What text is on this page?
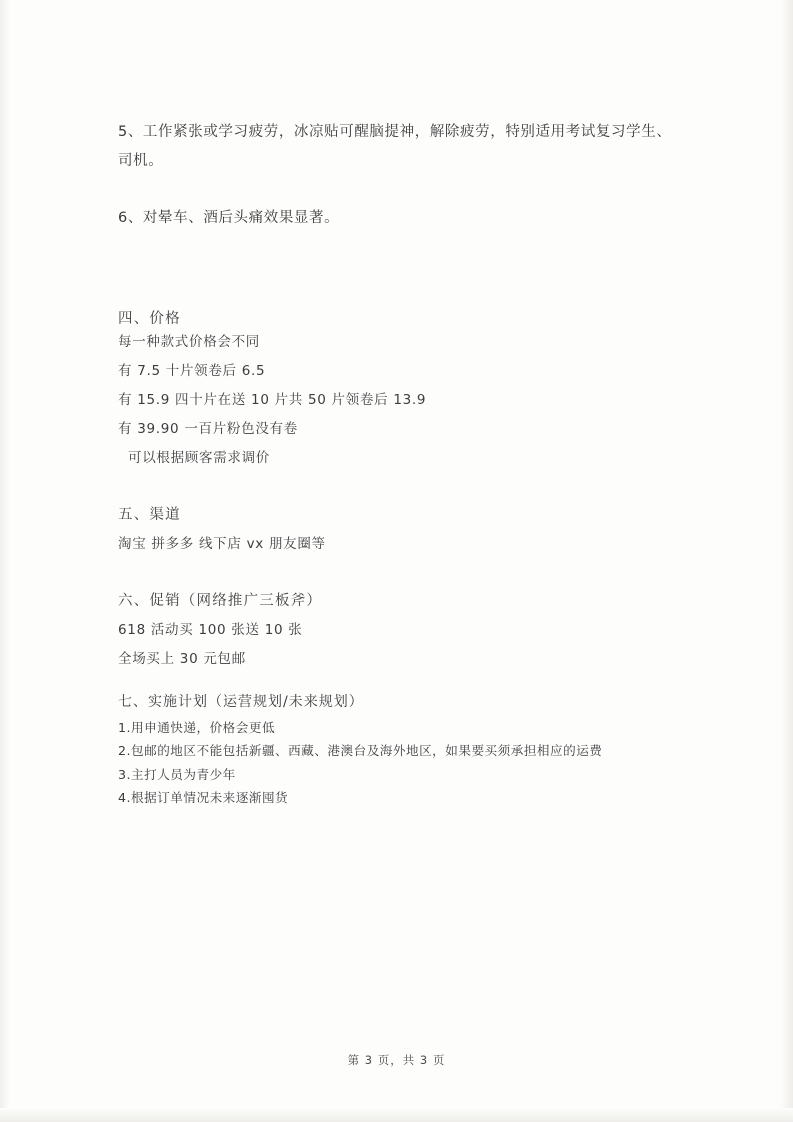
5、工作紧张或学习疲劳，冰凉贴可醒脑提神，解除疲劳，特别适用考试复习学生、司机。

6、对晕车、酒后头痛效果显著。

四、价格

每一种款式价格会不同

有 7.5 十片领卷后 6.5

有 15.9 四十片在送 10 片共 50 片领卷后 13.9

有 39.90 一百片粉色没有卷

可以根据顾客需求调价

五、渠道

淘宝 拼多多 线下店 vx 朋友圈等

六、促销（网络推广三板斧）

618 活动买 100 张送 10 张

全场买上 30 元包邮

七、实施计划（运营规划/未来规划）

1.用申通快递，价格会更低

2.包邮的地区不能包括新疆、西藏、港澳台及海外地区，如果要买须承担相应的运费

3.主打人员为青少年

4.根据订单情况未来逐渐囤货

第 3 页，共 3 页
